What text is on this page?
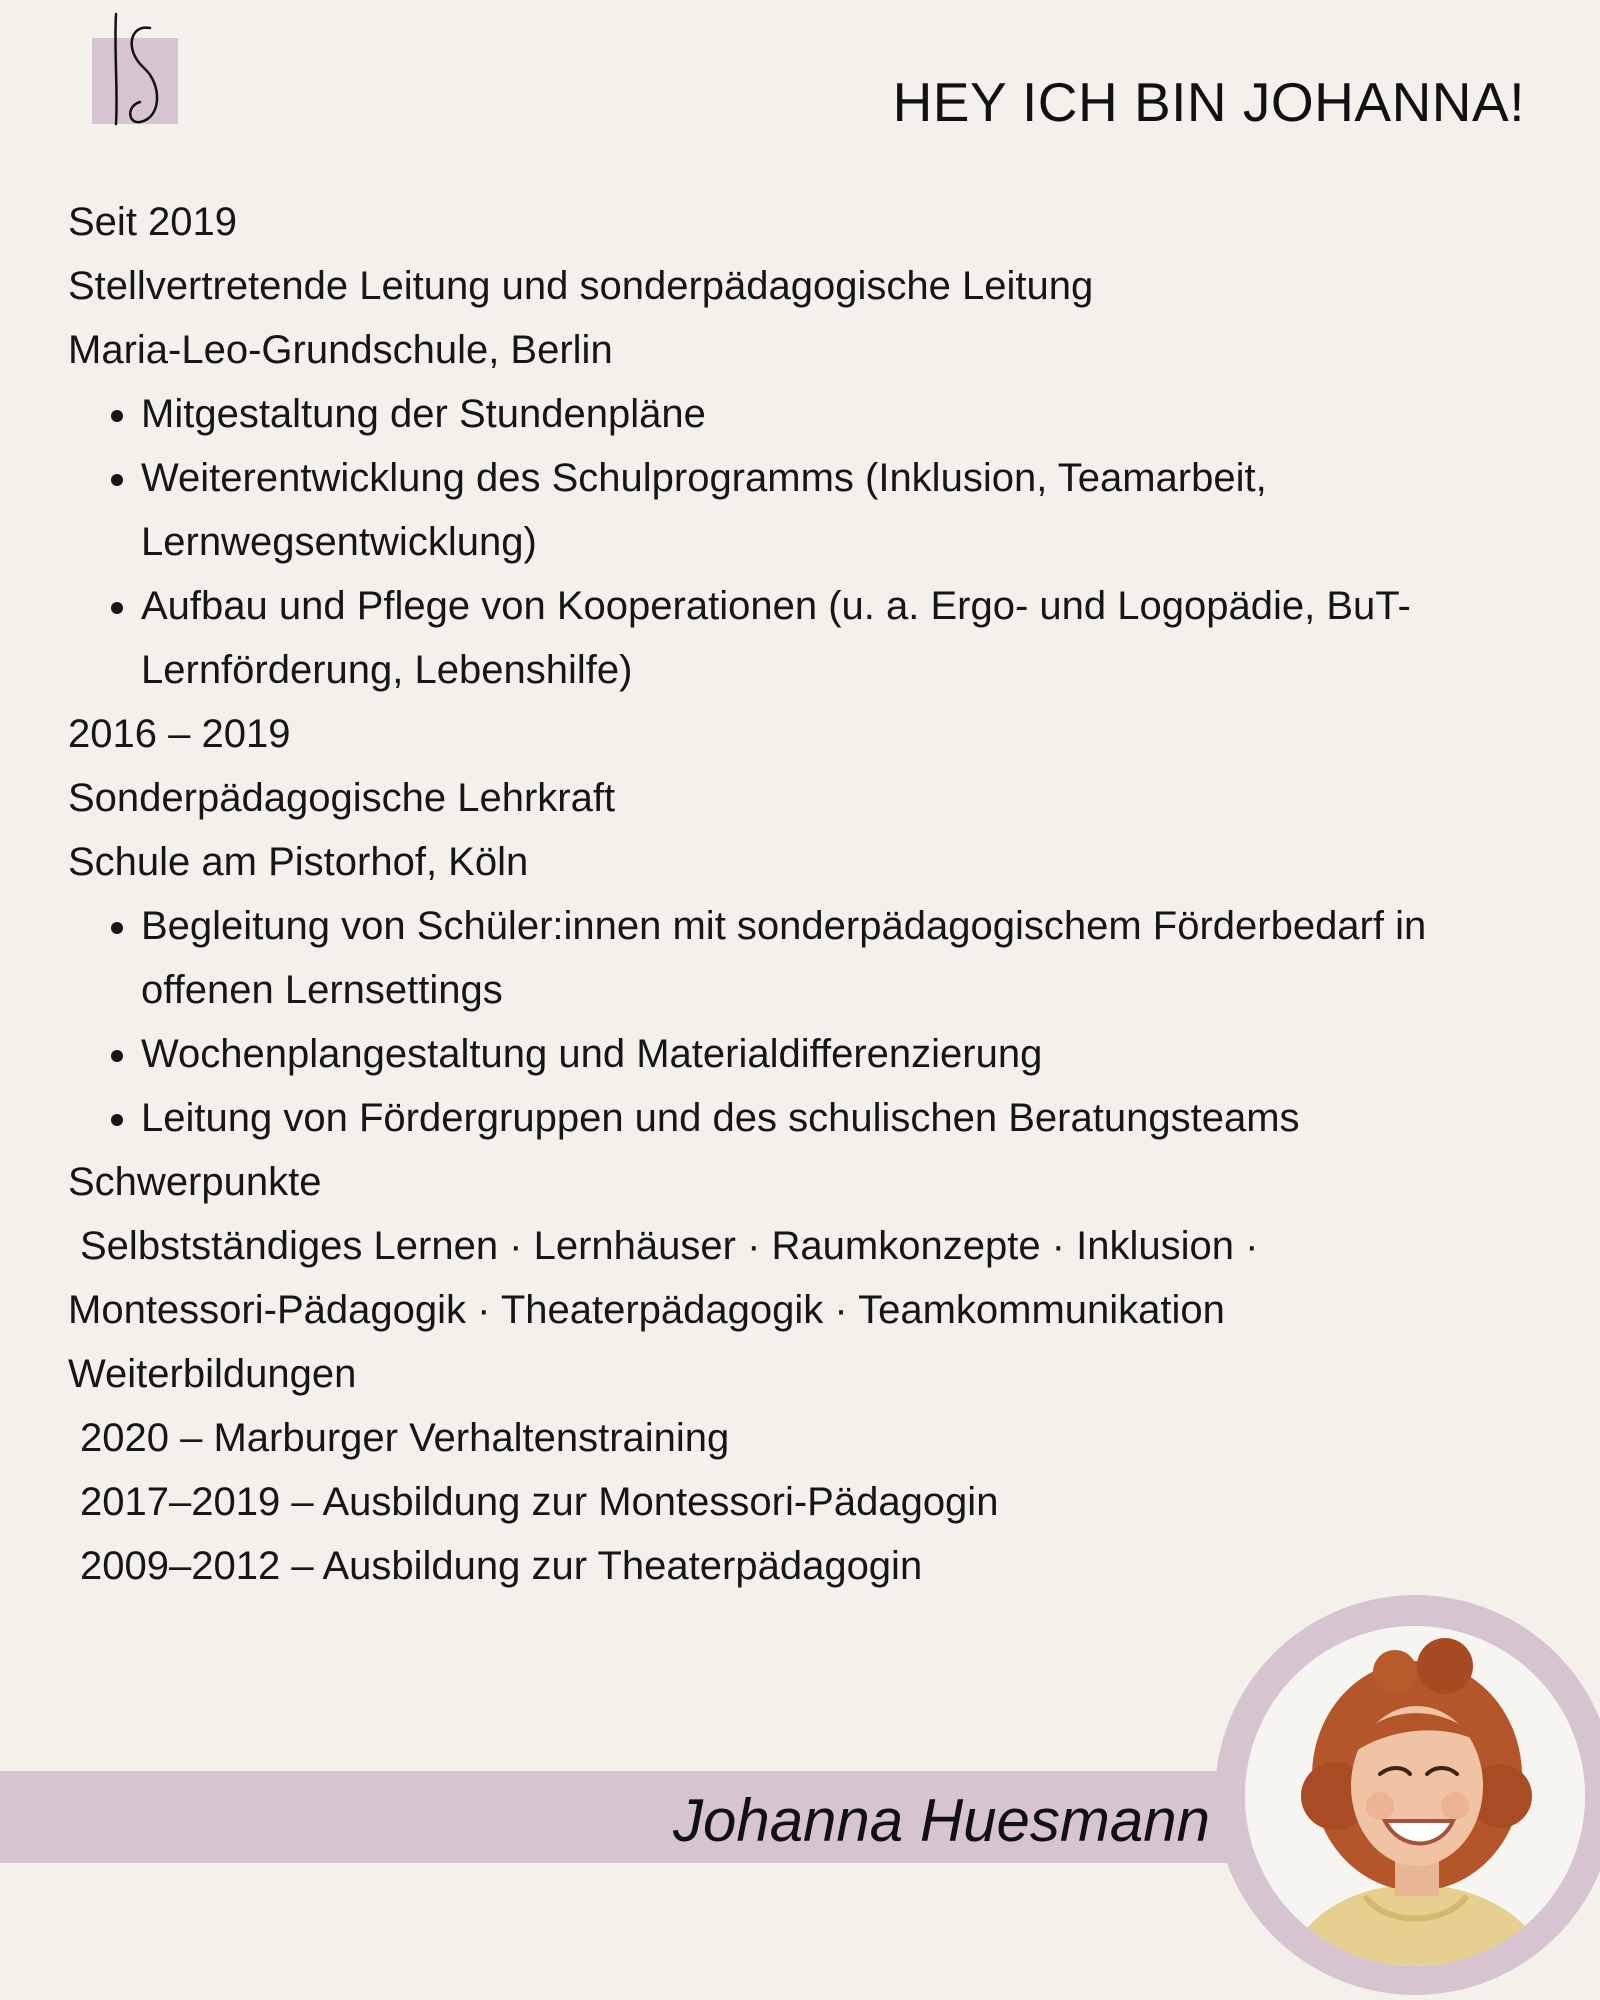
HEY ICH BIN JOHANNA!

Seit 2019

Stellvertretende Leitung und sonderpädagogische Leitung

Maria-Leo-Grundschule, Berlin

• Mitgestaltung der Stundenpläne
• Weiterentwicklung des Schulprogramms (Inklusion, Teamarbeit, Lernwegsentwicklung)
• Aufbau und Pflege von Kooperationen (u. a. Ergo- und Logopädie, BuT-Lernförderung, Lebenshilfe)

2016 – 2019

Sonderpädagogische Lehrkraft

Schule am Pistorhof, Köln

• Begleitung von Schüler:innen mit sonderpädagogischem Förderbedarf in offenen Lernsettings
• Wochenplangestaltung und Materialdifferenzierung
• Leitung von Fördergruppen und des schulischen Beratungsteams

Schwerpunkte

Selbstständiges Lernen · Lernhäuser · Raumkonzepte · Inklusion ·

Montessori-Pädagogik · Theaterpädagogik · Teamkommunikation

Weiterbildungen

2020 – Marburger Verhaltenstraining

2017–2019 – Ausbildung zur Montessori-Pädagogin

2009–2012 – Ausbildung zur Theaterpädagogin

Johanna Huesmann
